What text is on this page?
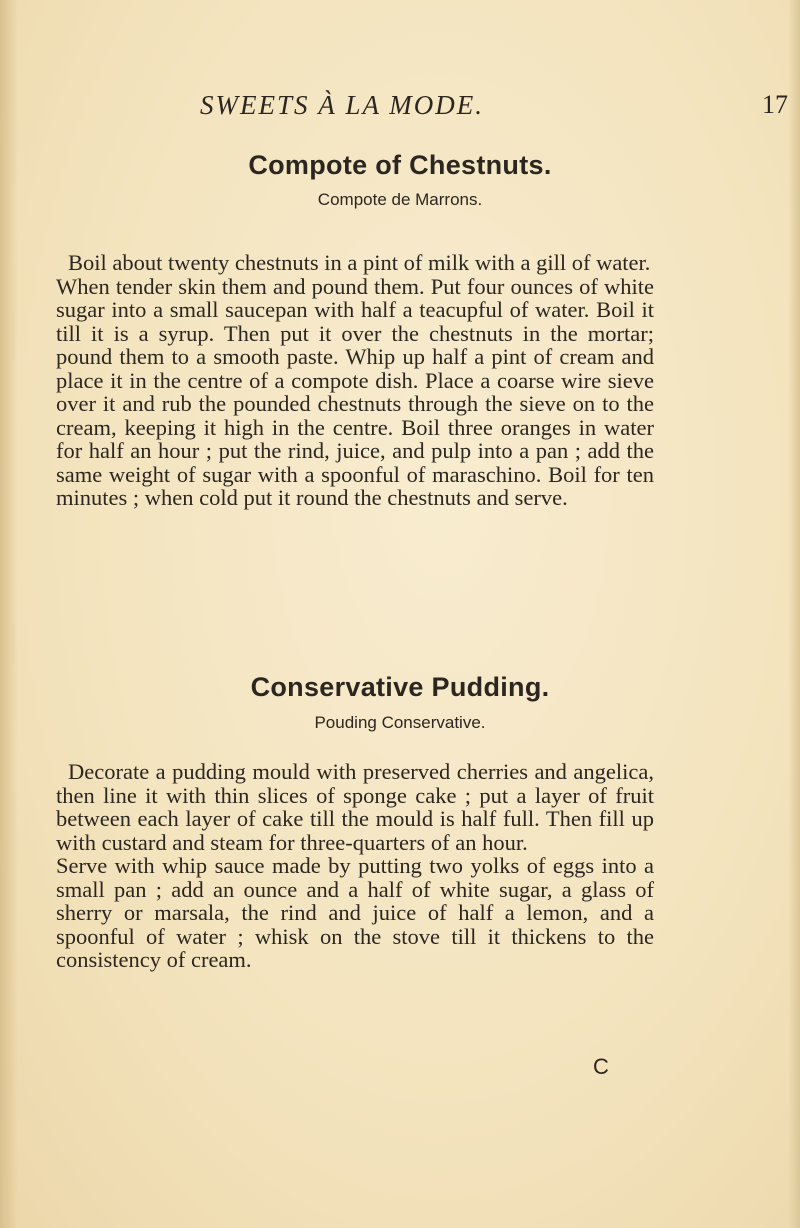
SWEETS À LA MODE.	17
Compote of Chestnuts.
Compote de Marrons.

Boil about twenty chestnuts in a pint of milk with a gill of water.

When tender skin them and pound them. Put four ounces of white sugar into a small saucepan with half a teacupful of water. Boil it till it is a syrup. Then put it over the chestnuts in the mortar; pound them to a smooth paste. Whip up half a pint of cream and place it in the centre of a compote dish. Place a coarse wire sieve over it and rub the pounded chestnuts through the sieve on to the cream, keeping it high in the centre. Boil three oranges in water for half an hour ; put the rind, juice, and pulp into a pan ; add the same weight of sugar with a spoonful of maraschino. Boil for ten minutes ; when cold put it round the chestnuts and serve.

Conservative Pudding.
Pouding Conservative.

Decorate a pudding mould with preserved cherries and angelica, then line it with thin slices of sponge cake ; put a layer of fruit between each layer of cake till the mould is half full. Then fill up with custard and steam for three-quarters of an hour.

Serve with whip sauce made by putting two yolks of eggs into a small pan ; add an ounce and a half of white sugar, a glass of sherry or marsala, the rind and juice of half a lemon, and a spoonful of water ; whisk on the stove till it thickens to the consistency of cream.

C
